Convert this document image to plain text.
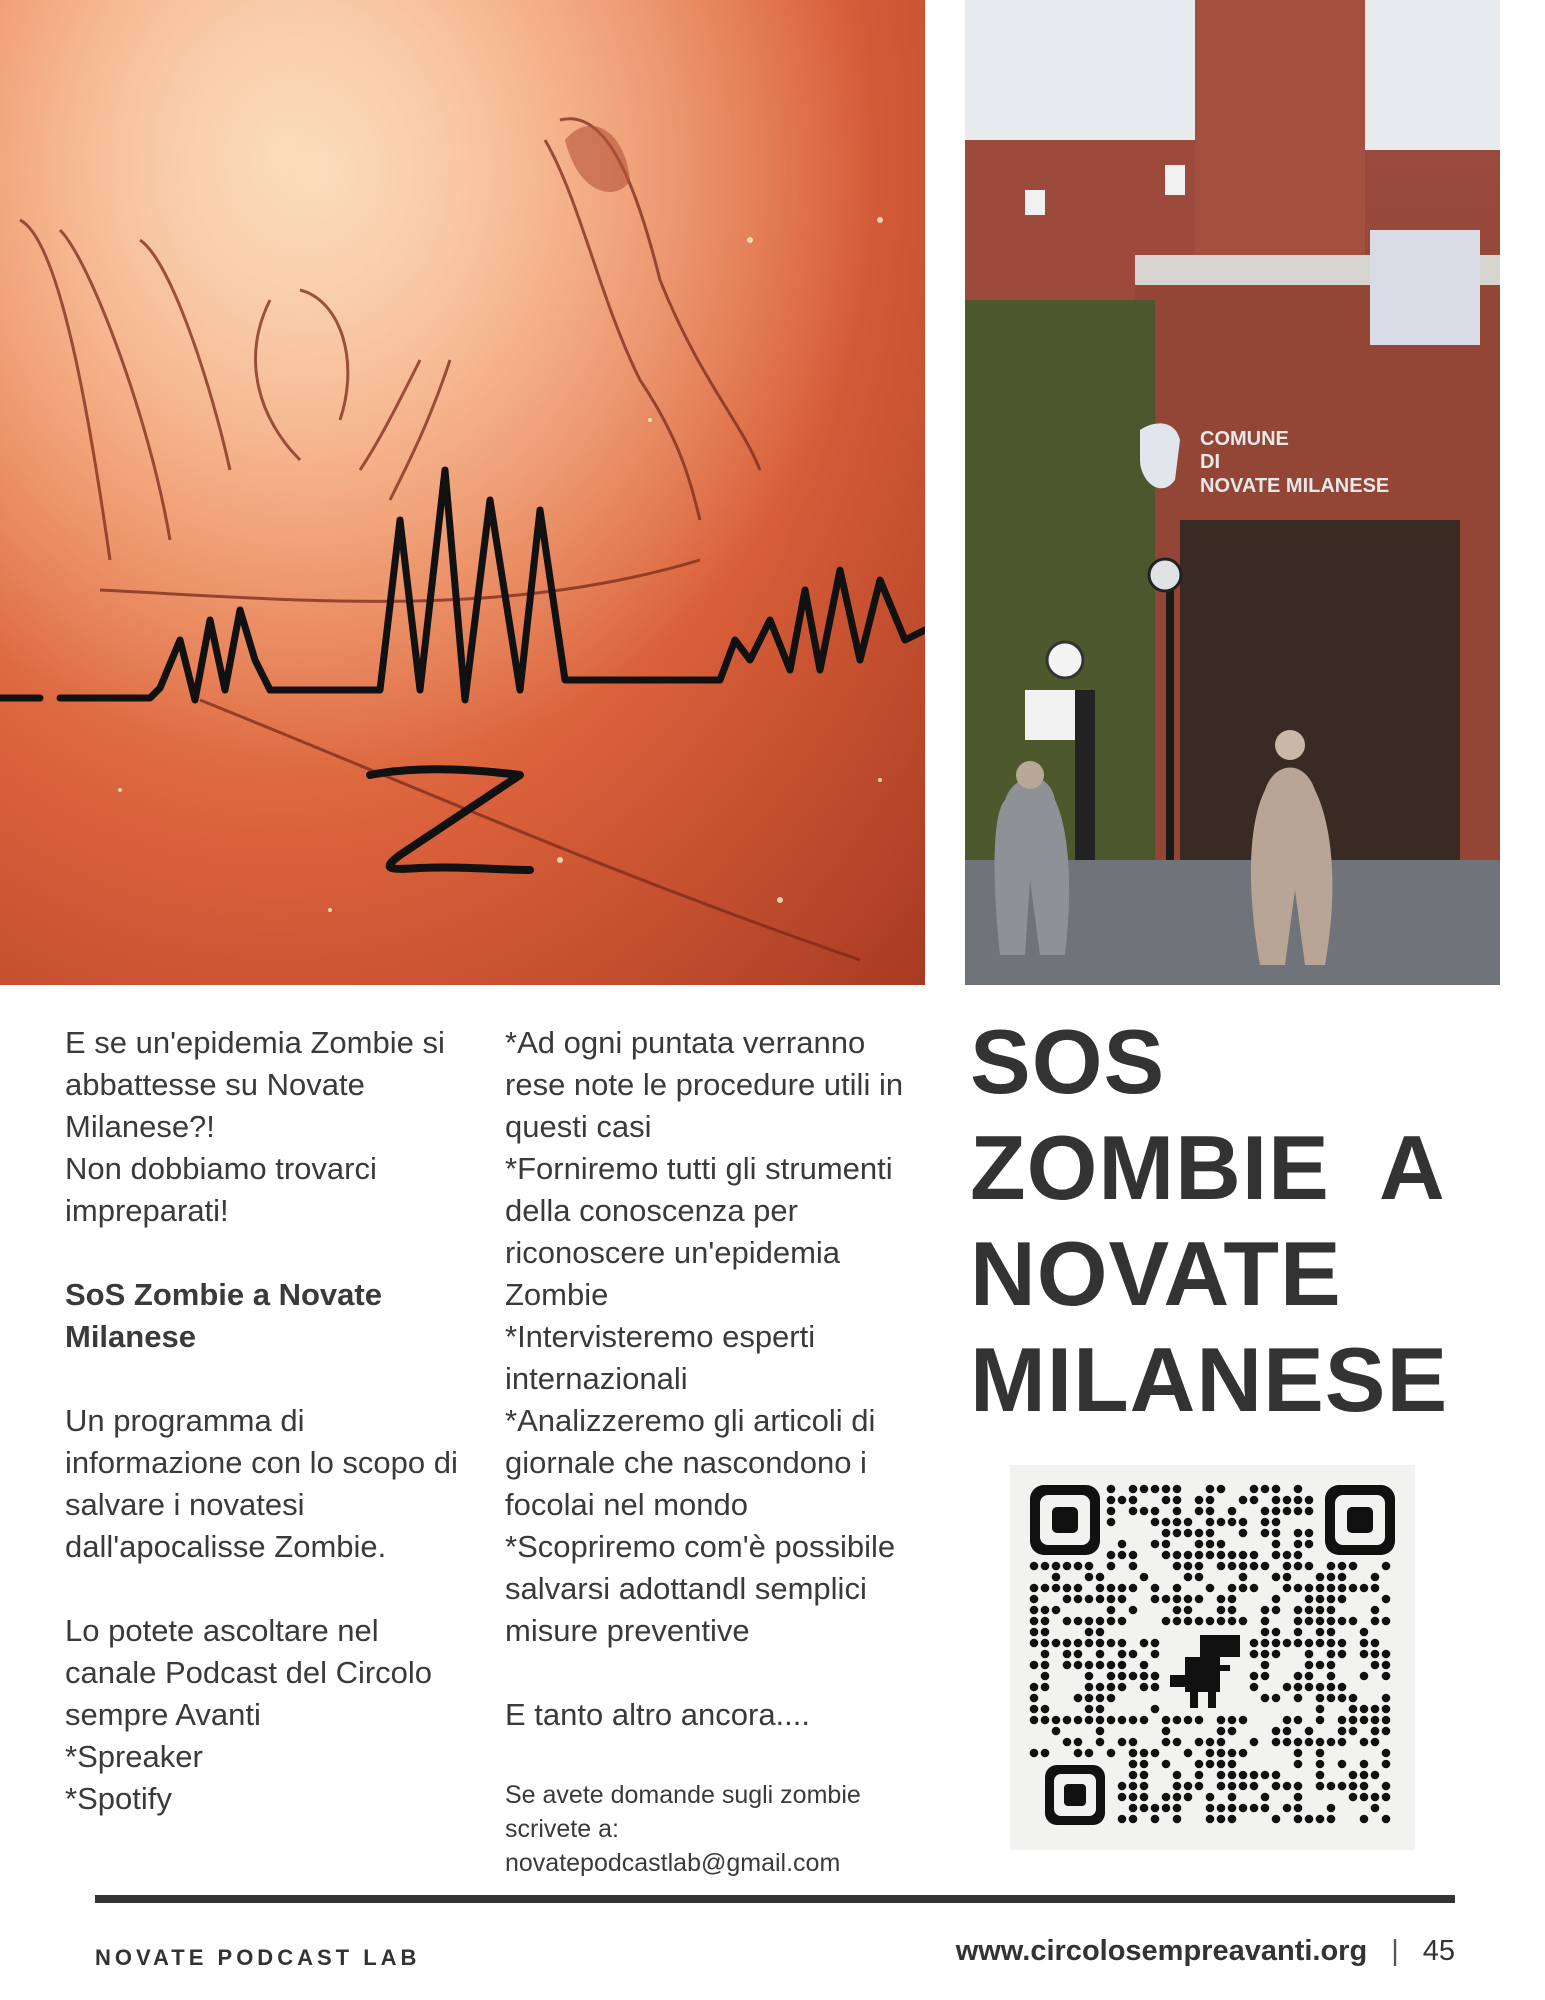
COMUNE
DI
NOVATE MILANESE
E se un'epidemia Zombie si abbattesse su Novate Milanese?!
Non dobbiamo trovarci impreparati!
SoS Zombie a Novate Milanese
Un programma di informazione con lo scopo di salvare i novatesi dall'apocalisse Zombie.
Lo potete ascoltare nel canale Podcast del Circolo sempre Avanti
*Spreaker
*Spotify
*Ad ogni puntata verranno rese note le procedure utili in questi casi
*Forniremo tutti gli strumenti della conoscenza per riconoscere un'epidemia Zombie
*Intervisteremo esperti internazionali
*Analizzeremo gli articoli di giornale che nascondono i focolai nel mondo
*Scopriremo com'è possibile salvarsi adottandl semplici misure preventive
E tanto altro ancora....
Se avete domande sugli zombie scrivete a:
novatepodcastlab@gmail.com
SOS
ZOMBIE  A
NOVATE
MILANESE
NOVATE PODCAST LAB	www.circolosempreavanti.org | 45
